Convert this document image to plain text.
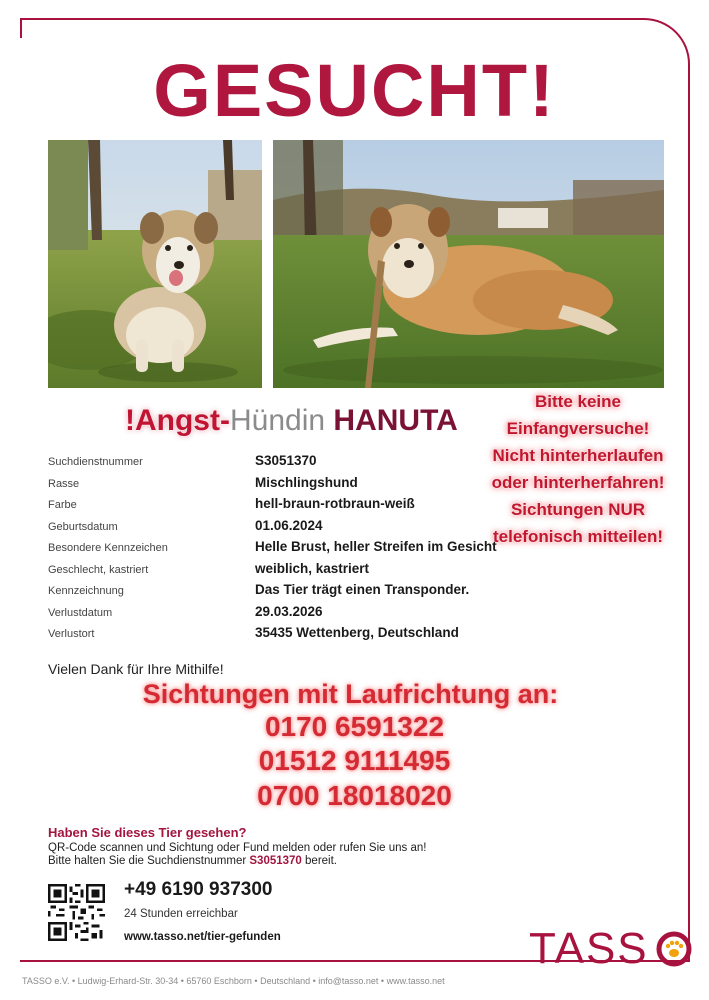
GESUCHT!
!Angst-Hündin HANUTA
Bitte keine
Einfangversuche!
Nicht hinterherlaufen
oder hinterherfahren!
Sichtungen NUR
telefonisch mitteilen!
Suchdienstnummer	S3051370
Rasse	Mischlingshund
Farbe	hell-braun-rotbraun-weiß
Geburtsdatum	01.06.2024
Besondere Kennzeichen	Helle Brust, heller Streifen im Gesicht
Geschlecht, kastriert	weiblich, kastriert
Kennzeichnung	Das Tier trägt einen Transponder.
Verlustdatum	29.03.2026
Verlustort	35435 Wettenberg, Deutschland
Vielen Dank für Ihre Mithilfe!
Sichtungen mit Laufrichtung an:
0170 6591322
01512 9111495
0700 18018020
Haben Sie dieses Tier gesehen?
QR-Code scannen und Sichtung oder Fund melden oder rufen Sie uns an!
Bitte halten Sie die Suchdienstnummer S3051370 bereit.
+49 6190 937300
24 Stunden erreichbar
www.tasso.net/tier-gefunden	TASS
TASSO e.V. • Ludwig-Erhard-Str. 30-34 • 65760 Eschborn • Deutschland • info@tasso.net • www.tasso.net
